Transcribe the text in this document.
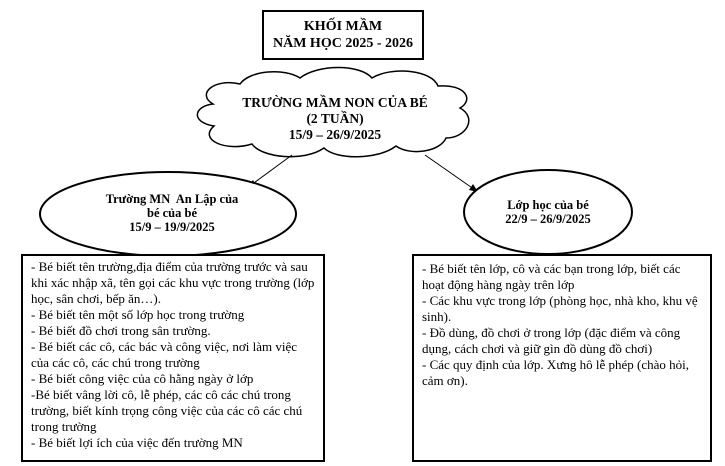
KHỐI MẦM
NĂM HỌC 2025 - 2026
TRƯỜNG MẦM NON CỦA BÉ
(2 TUẦN)
15/9 – 26/9/2025
Trường MN  An Lập của
bé của bé
15/9 – 19/9/2025
Lớp học của bé
22/9 – 26/9/2025
- Bé biết tên trường,địa điểm của trường trước và sau khi xác nhập xã, tên gọi các khu vực trong trường (lớp học, sân chơi, bếp ăn…).
- Bé biết tên một số lớp học trong trường
- Bé biết đồ chơi trong sân trường.
- Bé biết các cô, các bác và công việc, nơi làm việc của các cô, các chú trong trường
- Bé biết công việc của cô hằng ngày ở lớp
-Bé biết vâng lời cô, lễ phép, các cô các chú trong trường, biết kính trọng công việc của các cô các chú trong trường
- Bé biết lợi ích của việc đến trường MN
- Bé biết tên lớp, cô và các bạn trong lớp, biết các hoạt động hàng ngày trên lớp
- Các khu vực trong lớp (phòng học, nhà kho, khu vệ sinh).
- Đồ dùng, đồ chơi ở trong lớp (đặc điểm và công dụng, cách chơi và giữ gìn đồ dùng đồ chơi)
- Các quy định của lớp. Xưng hô lễ phép (chào hỏi, cảm ơn).
